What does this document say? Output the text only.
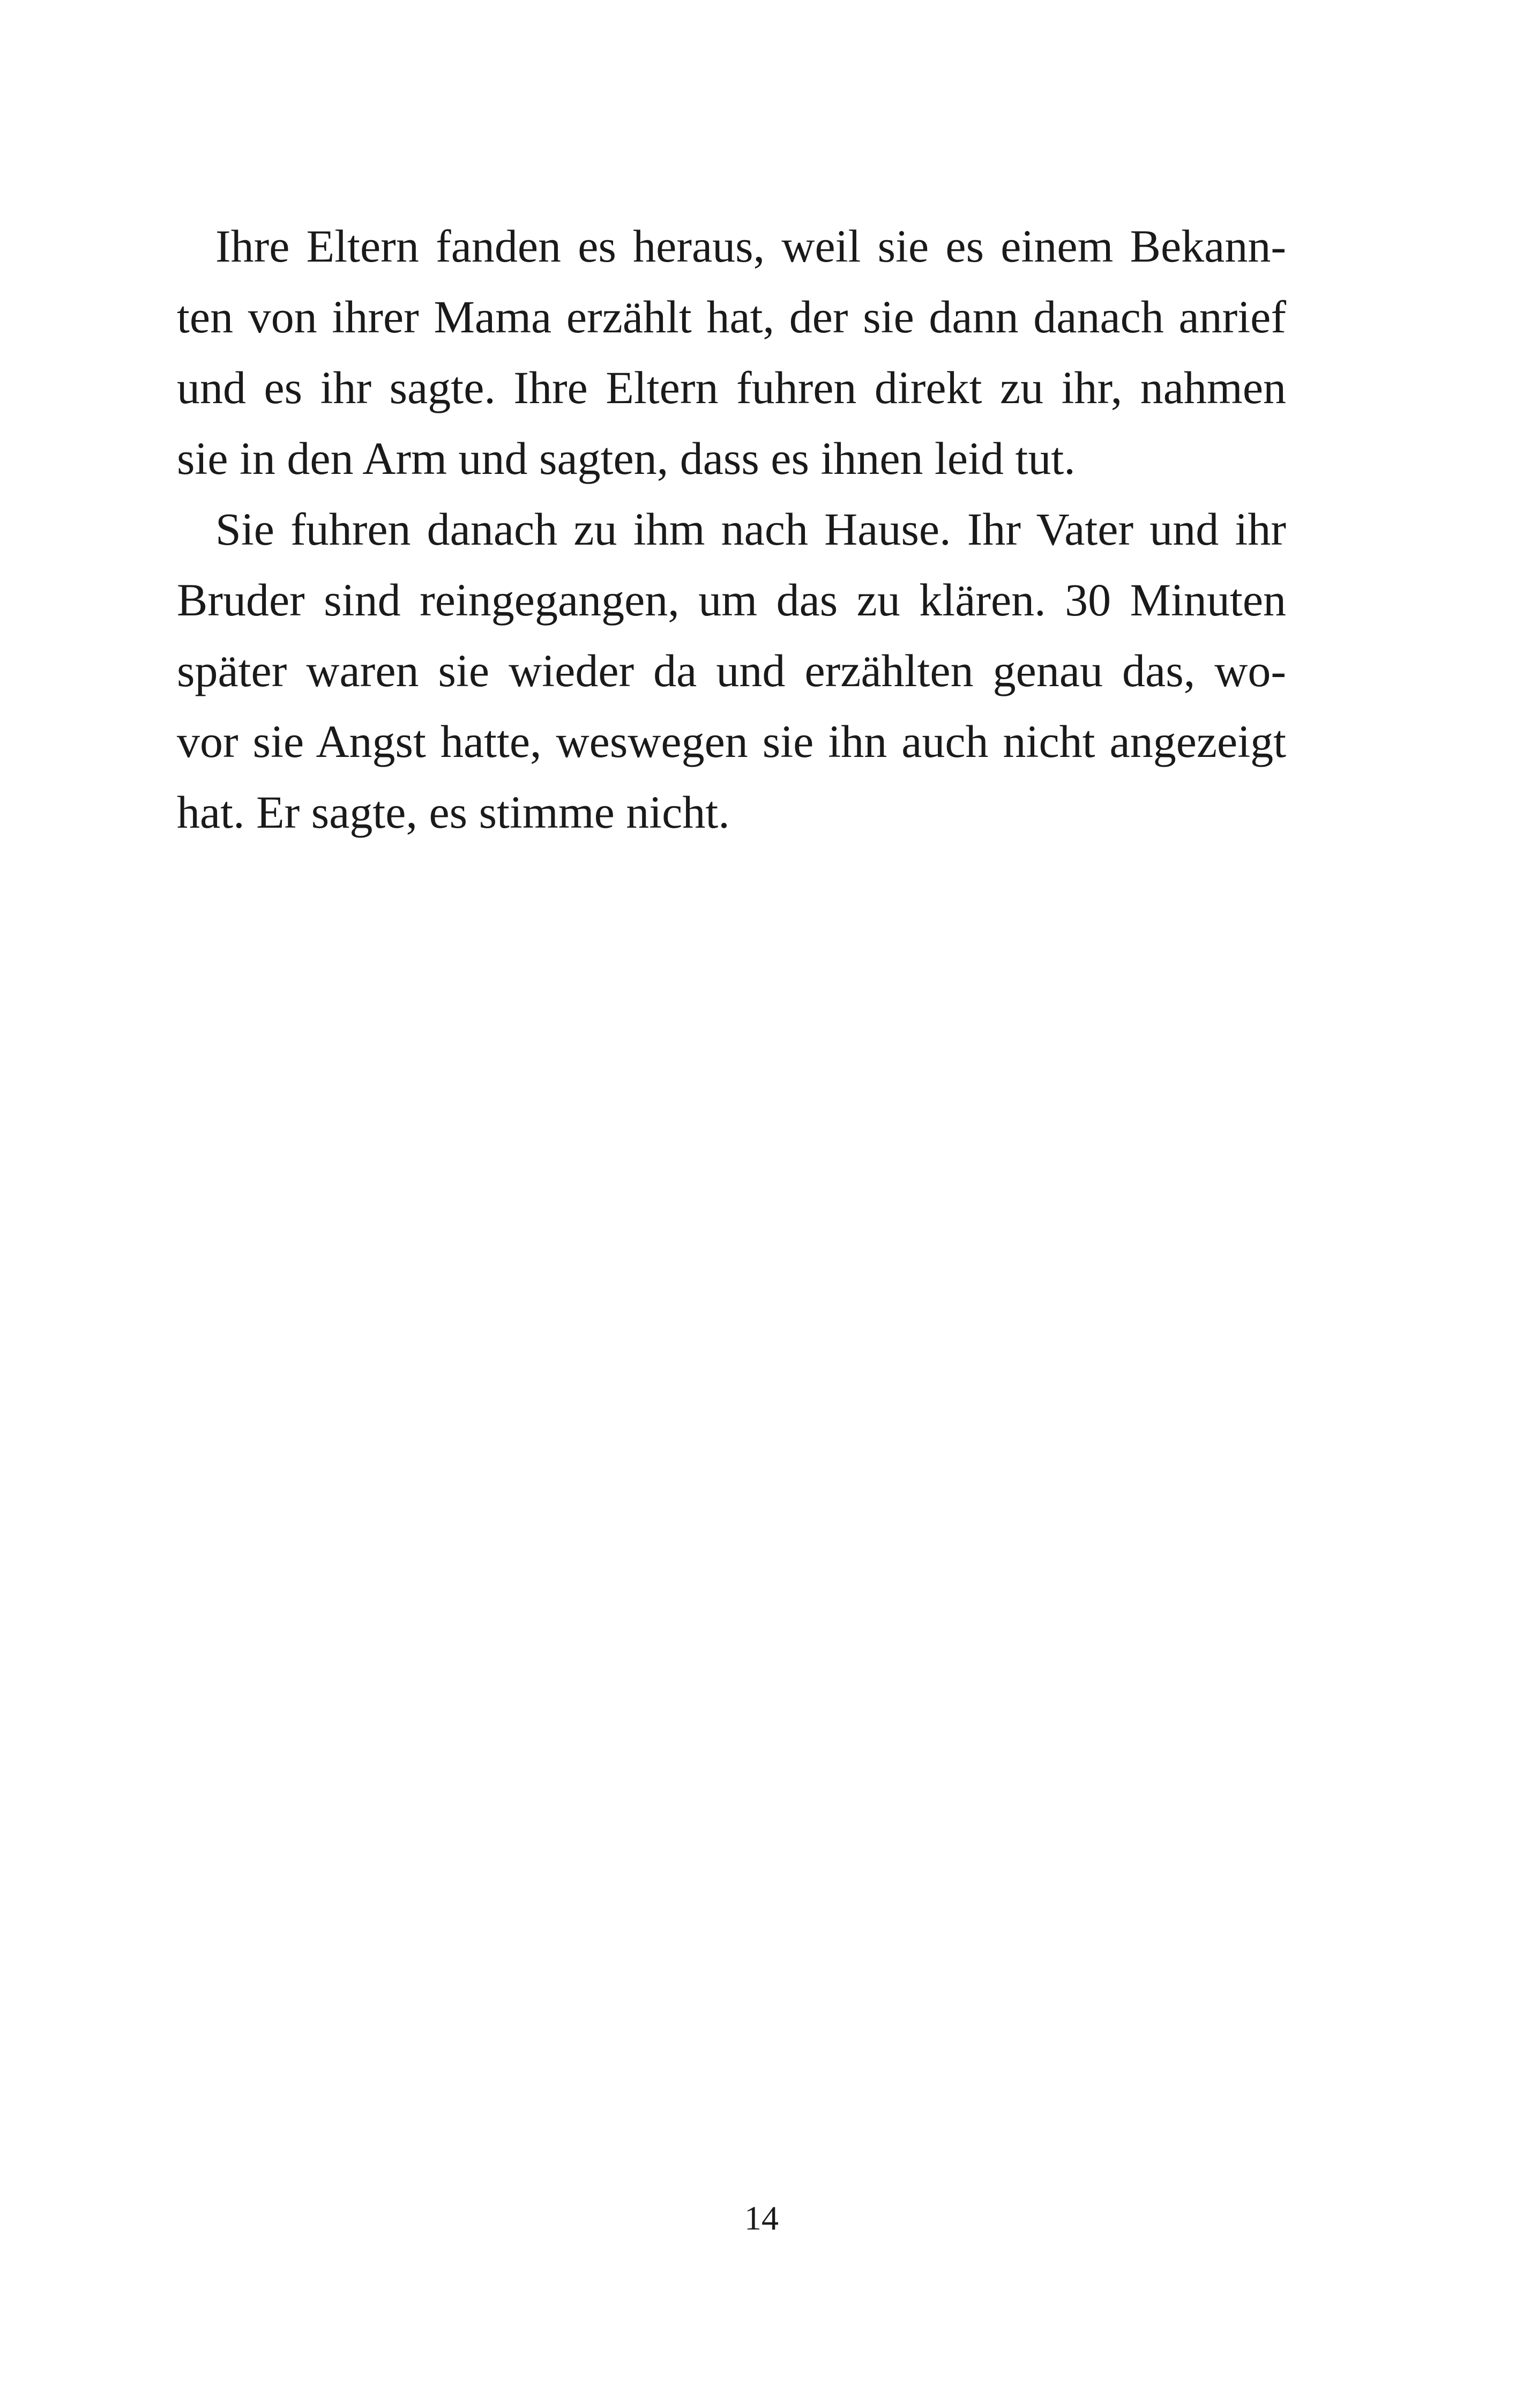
Ihre Eltern fanden es heraus, weil sie es einem Bekann-
ten von ihrer Mama erzählt hat, der sie dann danach anrief
und es ihr sagte. Ihre Eltern fuhren direkt zu ihr, nahmen
sie in den Arm und sagten, dass es ihnen leid tut.
Sie fuhren danach zu ihm nach Hause. Ihr Vater und ihr
Bruder sind reingegangen, um das zu klären. 30 Minuten
später waren sie wieder da und erzählten genau das, wo-
vor sie Angst hatte, weswegen sie ihn auch nicht angezeigt
hat. Er sagte, es stimme nicht.
14
